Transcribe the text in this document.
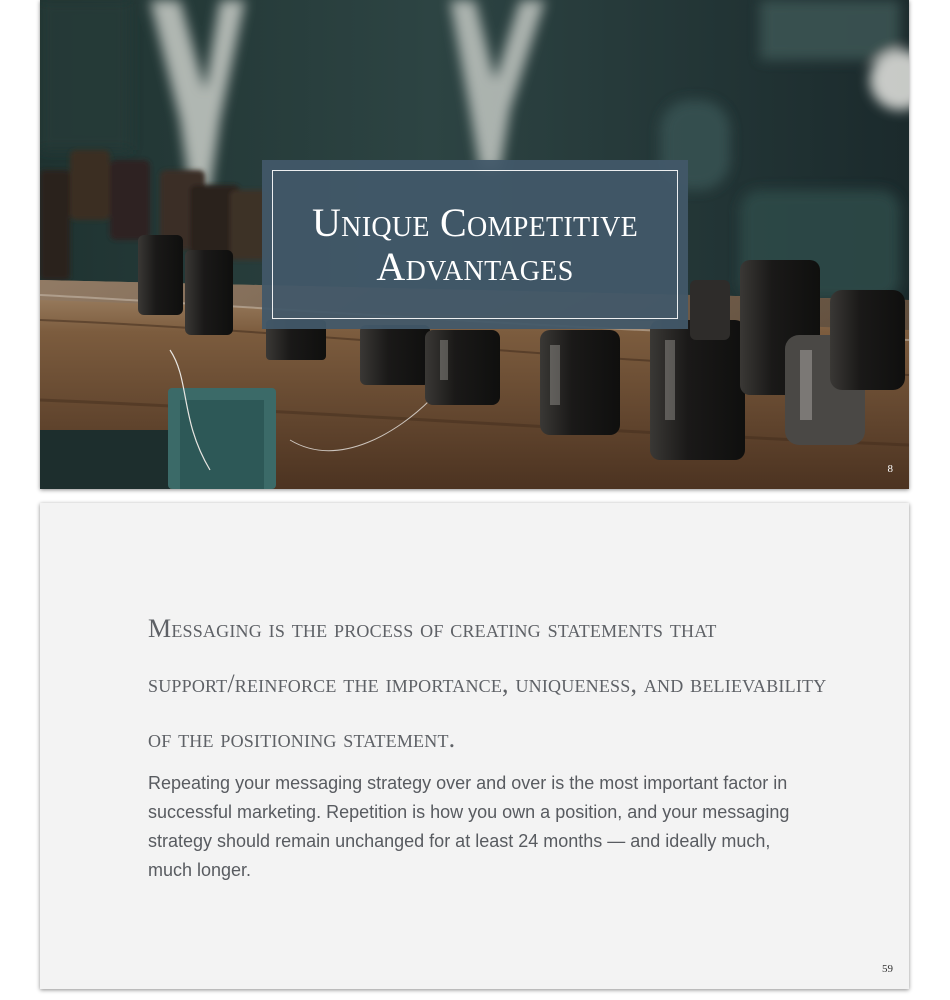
Unique Competitive Advantages
8
Messaging is the process of creating statements that support/reinforce the importance, uniqueness, and believability of the positioning statement.

Repeating your messaging strategy over and over is the most important factor in successful marketing. Repetition is how you own a position, and your messaging strategy should remain unchanged for at least 24 months — and ideally much, much longer.

59
